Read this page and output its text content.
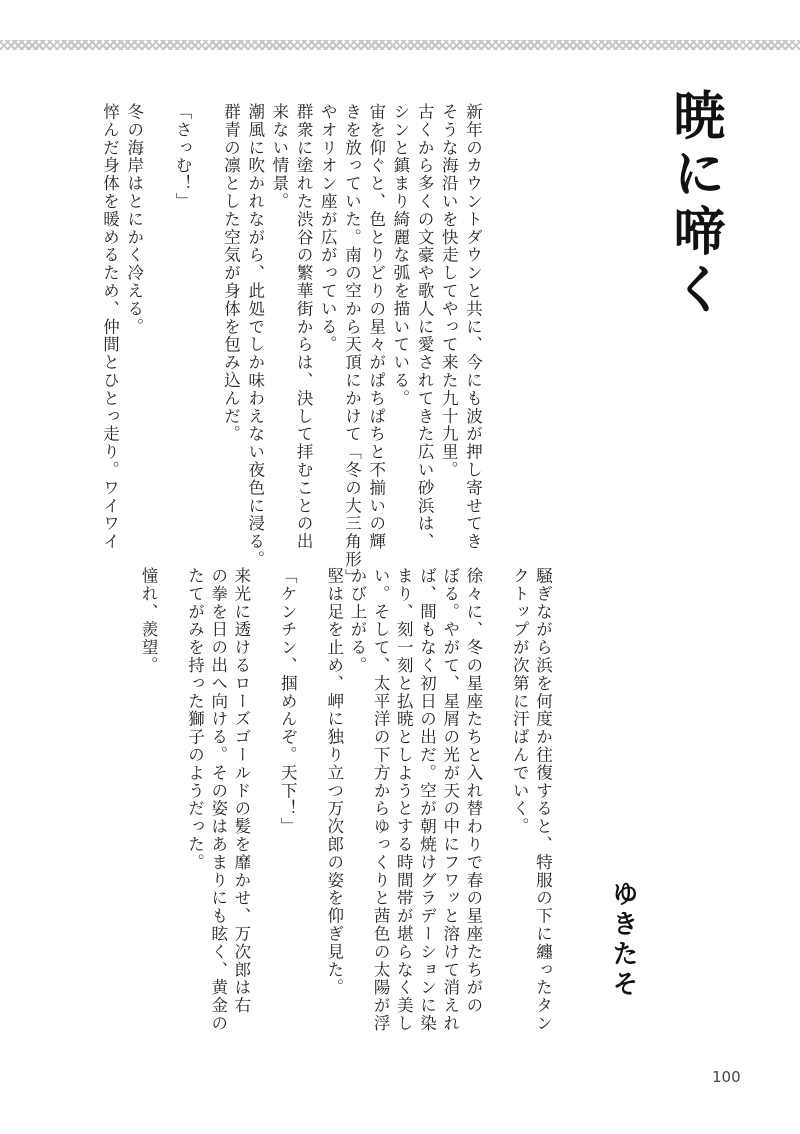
暁に啼く
新年のカウントダウンと共に、今にも波が押し寄せてき
そうな海沿いを快走してやって来た九十九里。
古くから多くの文豪や歌人に愛されてきた広い砂浜は、
シンと鎮まり綺麗な弧を描いている。
宙を仰ぐと、色とりどりの星々がぱちぱちと不揃いの輝
きを放っていた。南の空から天頂にかけて「冬の大三角形」
やオリオン座が広がっている。
群衆に塗れた渋谷の繁華街からは、決して拝むことの出
来ない情景。
潮風に吹かれながら、此処でしか味わえない夜色に浸る。
群青の凛とした空気が身体を包み込んだ。
「さっむ！」
冬の海岸はとにかく冷える。
悴んだ身体を暖めるため、仲間とひとっ走り。ワイワイ
騒ぎながら浜を何度か往復すると、特服の下に纏ったタン
クトップが次第に汗ばんでいく。
徐々に、冬の星座たちと入れ替わりで春の星座たちがの
ぼる。やがて、星屑の光が天の中にフワッと溶けて消えれ
ば、間もなく初日の出だ。空が朝焼けグラデーションに染
まり、刻一刻と払暁としようとする時間帯が堪らなく美し
い。そして、太平洋の下方からゆっくりと茜色の太陽が浮
かび上がる。
堅は足を止め、岬に独り立つ万次郎の姿を仰ぎ見た。
「ケンチン、掴めんぞ。天下！」
来光に透けるローズゴールドの髪を靡かせ、万次郎は右
の拳を日の出へ向ける。その姿はあまりにも眩く、黄金の
たてがみを持った獅子のようだった。
憧れ、羨望。
ゆきたそ
100
